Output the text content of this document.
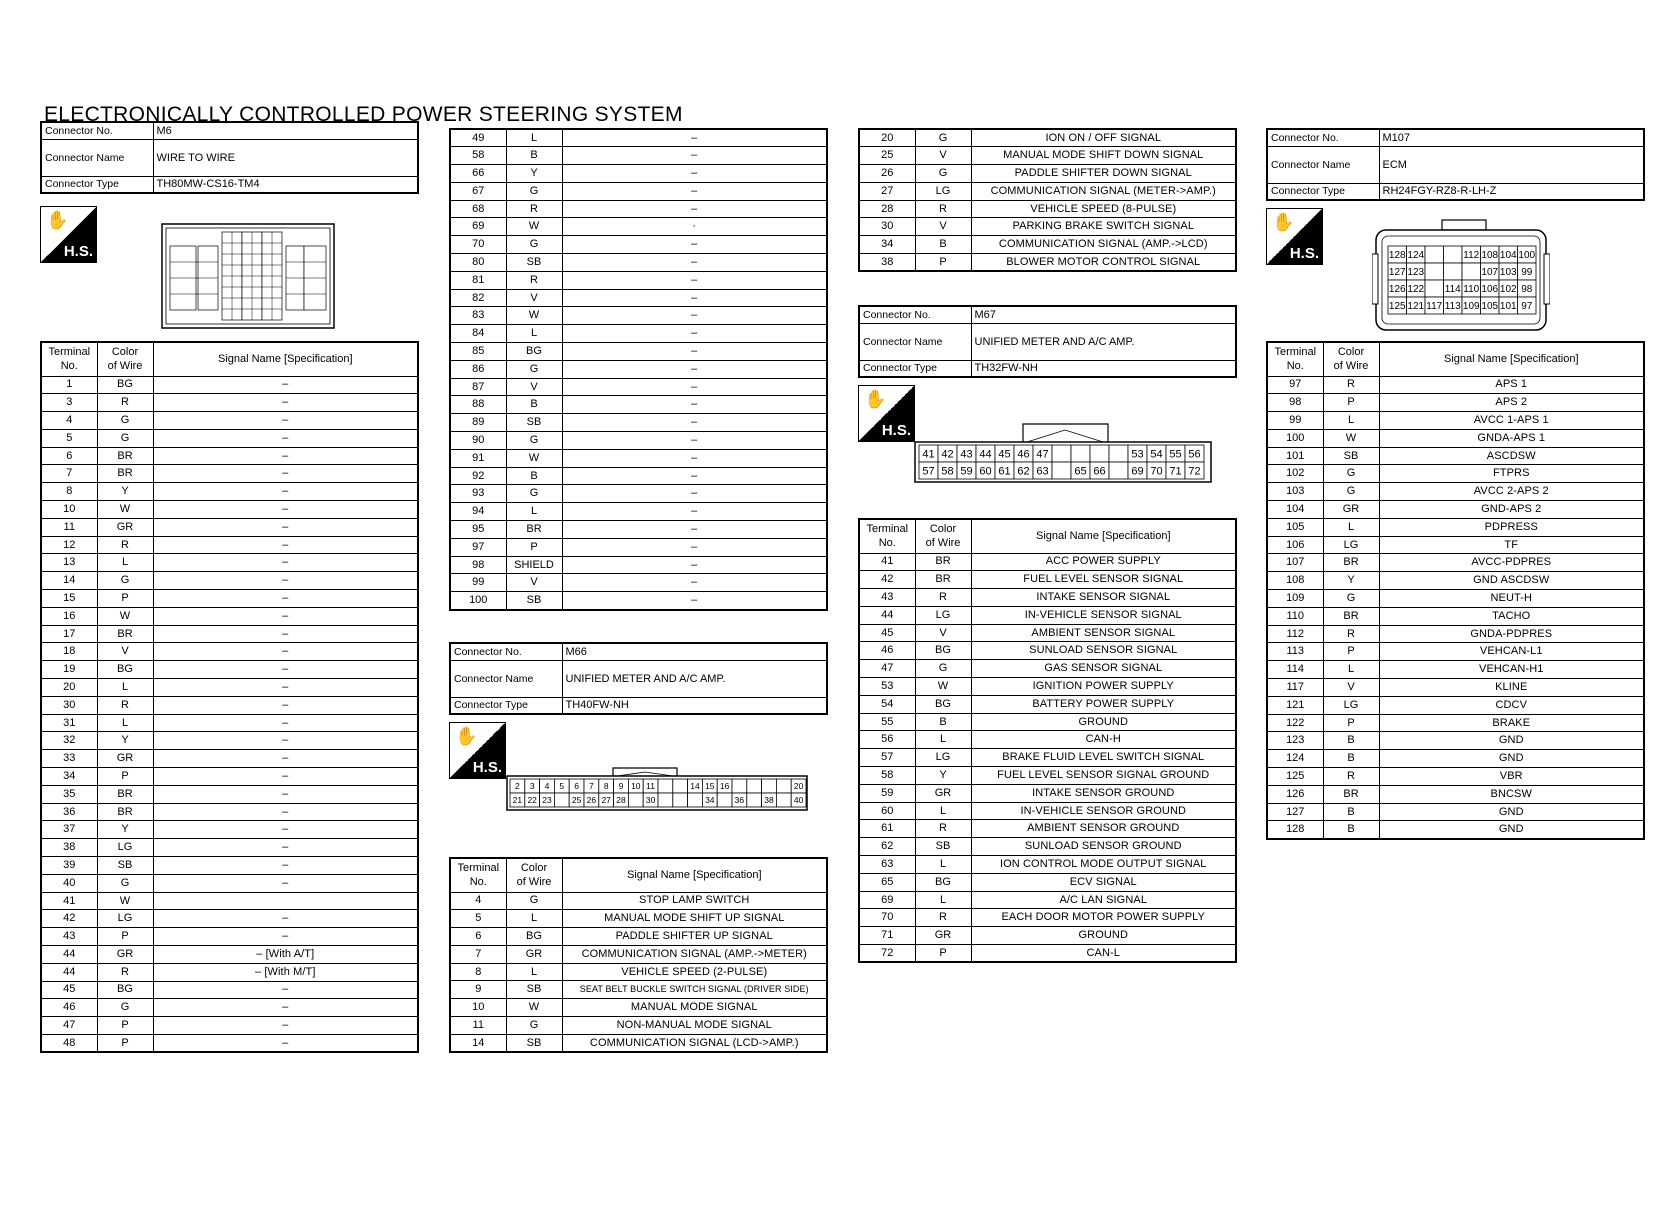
ELECTRONICALLY CONTROLLED POWER STEERING SYSTEM
Connector No.	M6
Connector Name	WIRE TO WIRE
Connector Type	TH80MW-CS16-TM4
✋
H.S.
Terminal
No.	Color
of Wire	Signal Name [Specification]
1	BG	–
3	R	–
4	G	–
5	G	–
6	BR	–
7	BR	–
8	Y	–
10	W	–
11	GR	–
12	R	–
13	L	–
14	G	–
15	P	–
16	W	–
17	BR	–
18	V	–
19	BG	–
20	L	–
30	R	–
31	L	–
32	Y	–
33	GR	–
34	P	–
35	BR	–
36	BR	–
37	Y	–
38	LG	–
39	SB	–
40	G	–
41	W	
42	LG	–
43	P	–
44	GR	– [With A/T]
44	R	– [With M/T]
45	BG	–
46	G	–
47	P	–
48	P	–
49	L	–
58	B	–
66	Y	–
67	G	–
68	R	–
69	W	·
70	G	–
80	SB	–
81	R	–
82	V	–
83	W	–
84	L	–
85	BG	–
86	G	–
87	V	–
88	B	–
89	SB	–
90	G	–
91	W	–
92	B	–
93	G	–
94	L	–
95	BR	–
97	P	–
98	SHIELD	–
99	V	–
100	SB	–
Connector No.	M66
Connector Name	UNIFIED METER AND A/C AMP.
Connector Type	TH40FW-NH
✋
H.S.
2 3 4 5 6 7 8 9 10 11	14 15 16	20
21 22 23 25 26 27 28 30	34 36 38 40
Terminal
No.	Color
of Wire	Signal Name [Specification]
4	G	STOP LAMP SWITCH
5	L	MANUAL MODE SHIFT UP SIGNAL
6	BG	PADDLE SHIFTER UP SIGNAL
7	GR	COMMUNICATION SIGNAL (AMP.->METER)
8	L	VEHICLE SPEED (2-PULSE)
9	SB	SEAT BELT BUCKLE SWITCH SIGNAL (DRIVER SIDE)
10	W	MANUAL MODE SIGNAL
11	G	NON-MANUAL MODE SIGNAL
14	SB	COMMUNICATION SIGNAL (LCD->AMP.)
20	G	ION ON / OFF SIGNAL
25	V	MANUAL MODE SHIFT DOWN SIGNAL
26	G	PADDLE SHIFTER DOWN SIGNAL
27	LG	COMMUNICATION SIGNAL (METER->AMP.)
28	R	VEHICLE SPEED (8-PULSE)
30	V	PARKING BRAKE SWITCH SIGNAL
34	B	COMMUNICATION SIGNAL (AMP.->LCD)
38	P	BLOWER MOTOR CONTROL SIGNAL
Connector No.	M67
Connector Name	UNIFIED METER AND A/C AMP.
Connector Type	TH32FW-NH
✋
H.S.
41 42 43 44 45 46 47	53 54 55 56
57 58 59 60 61 62 63 65 66 69 70 71 72
Terminal
No.	Color
of Wire	Signal Name [Specification]
41	BR	ACC POWER SUPPLY
42	BR	FUEL LEVEL SENSOR SIGNAL
43	R	INTAKE SENSOR SIGNAL
44	LG	IN-VEHICLE SENSOR SIGNAL
45	V	AMBIENT SENSOR SIGNAL
46	BG	SUNLOAD SENSOR SIGNAL
47	G	GAS SENSOR SIGNAL
53	W	IGNITION POWER SUPPLY
54	BG	BATTERY POWER SUPPLY
55	B	GROUND
56	L	CAN-H
57	LG	BRAKE FLUID LEVEL SWITCH SIGNAL
58	Y	FUEL LEVEL SENSOR SIGNAL GROUND
59	GR	INTAKE SENSOR GROUND
60	L	IN-VEHICLE SENSOR GROUND
61	R	AMBIENT SENSOR GROUND
62	SB	SUNLOAD SENSOR GROUND
63	L	ION CONTROL MODE OUTPUT SIGNAL
65	BG	ECV SIGNAL
69	L	A/C LAN SIGNAL
70	R	EACH DOOR MOTOR POWER SUPPLY
71	GR	GROUND
72	P	CAN-L
Connector No.	M107
Connector Name	ECM
Connector Type	RH24FGY-RZ8-R-LH-Z
✋
H.S.	128 124	112 108 104 100
127 123	107 103 99
126 122 114 110 106 102 98
125 121 117 113 109 105 101 97
Terminal
No.	Color
of Wire	Signal Name [Specification]
97	R	APS 1
98	P	APS 2
99	L	AVCC 1-APS 1
100	W	GNDA-APS 1
101	SB	ASCDSW
102	G	FTPRS
103	G	AVCC 2-APS 2
104	GR	GND-APS 2
105	L	PDPRESS
106	LG	TF
107	BR	AVCC-PDPRES
108	Y	GND ASCDSW
109	G	NEUT-H
110	BR	TACHO
112	R	GNDA-PDPRES
113	P	VEHCAN-L1
114	L	VEHCAN-H1
117	V	KLINE
121	LG	CDCV
122	P	BRAKE
123	B	GND
124	B	GND
125	R	VBR
126	BR	BNCSW
127	B	GND
128	B	GND
